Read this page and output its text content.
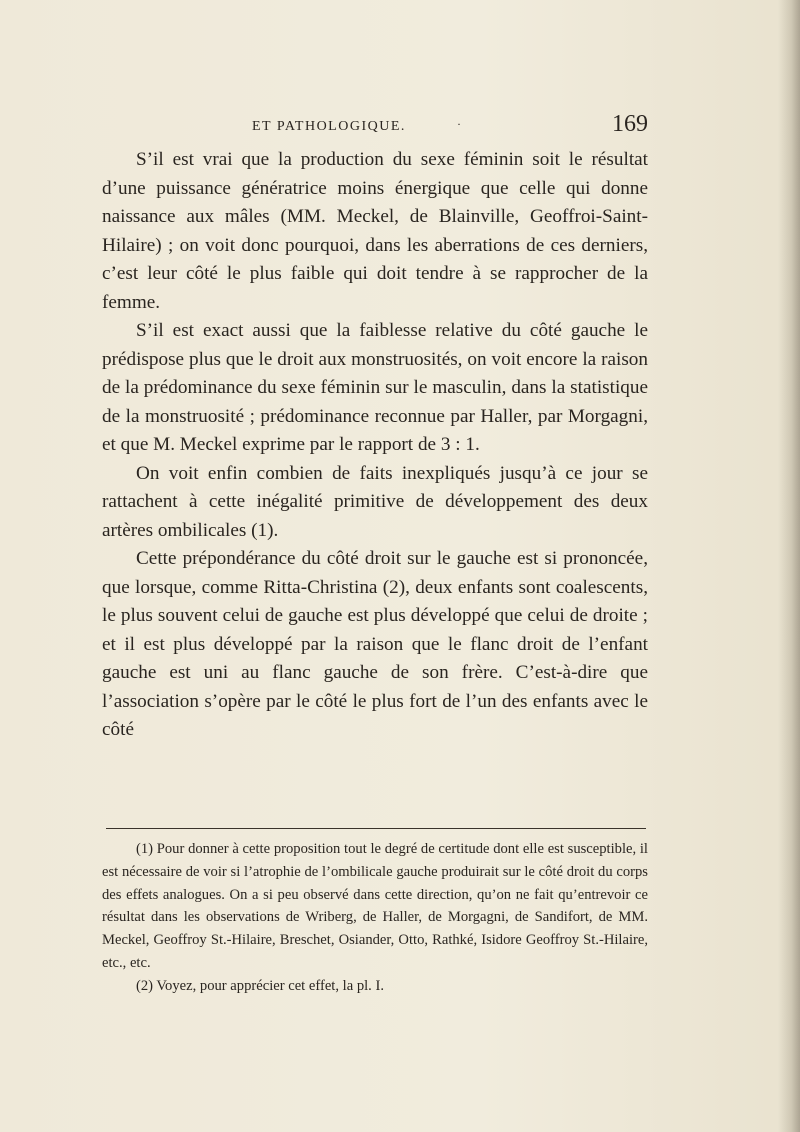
ET PATHOLOGIQUE.	·	169

S’il est vrai que la production du sexe féminin soit le résultat d’une puissance génératrice moins énergique que celle qui donne naissance aux mâles (MM. Meckel, de Blainville, Geoffroi-Saint-Hilaire) ; on voit donc pourquoi, dans les aberrations de ces derniers, c’est leur côté le plus faible qui doit tendre à se rapprocher de la femme.

S’il est exact aussi que la faiblesse relative du côté gauche le prédispose plus que le droit aux monstruosités, on voit encore la raison de la prédominance du sexe féminin sur le masculin, dans la statistique de la monstruosité ; prédominance reconnue par Haller, par Morgagni, et que M. Meckel exprime par le rapport de 3 : 1.

On voit enfin combien de faits inexpliqués jusqu’à ce jour se rattachent à cette inégalité primitive de développement des deux artères ombilicales (1).

Cette prépondérance du côté droit sur le gauche est si prononcée, que lorsque, comme Ritta-Christina (2), deux enfants sont coalescents, le plus souvent celui de gauche est plus développé que celui de droite ; et il est plus développé par la raison que le flanc droit de l’enfant gauche est uni au flanc gauche de son frère. C’est-à-dire que l’association s’opère par le côté le plus fort de l’un des enfants avec le côté

(1) Pour donner à cette proposition tout le degré de certitude dont elle est susceptible, il est nécessaire de voir si l’atrophie de l’ombilicale gauche produirait sur le côté droit du corps des effets analogues. On a si peu observé dans cette direction, qu’on ne fait qu’entrevoir ce résultat dans les observations de Wriberg, de Haller, de Morgagni, de Sandifort, de MM. Meckel, Geoffroy St.-Hilaire, Breschet, Osiander, Otto, Rathké, Isidore Geoffroy St.-Hilaire, etc., etc.

(2) Voyez, pour apprécier cet effet, la pl. I.
